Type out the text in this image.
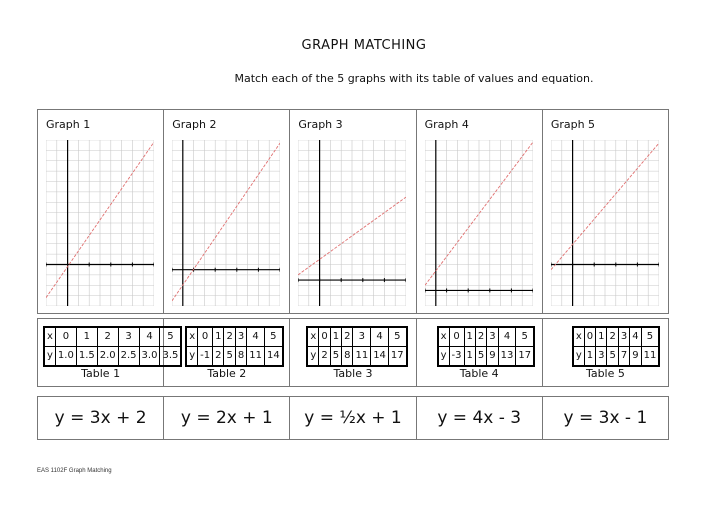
GRAPH MATCHING
Match each of the 5 graphs with its table of values and equation.
Graph 1	Graph 2	Graph 3	Graph 4	Graph 5
x	0	1	2	3	4	5
y	1.0	1.5	2.0	2.5	3.0	3.5
Table 1
x	0	1	2	3	4	5
y	-1	2	5	8	11	14
Table 2
x	0	1	2	3	4	5
y	2	5	8	11	14	17
Table 3
x	0	1	2	3	4	5
y	-3	1	5	9	13	17
Table 4
x	0	1	2	3	4	5
y	1	3	5	7	9	11
Table 5
y = 3x + 2	y = 2x + 1	y = ½x + 1	y = 4x - 3	y = 3x - 1
EAS 1102F Graph Matching
